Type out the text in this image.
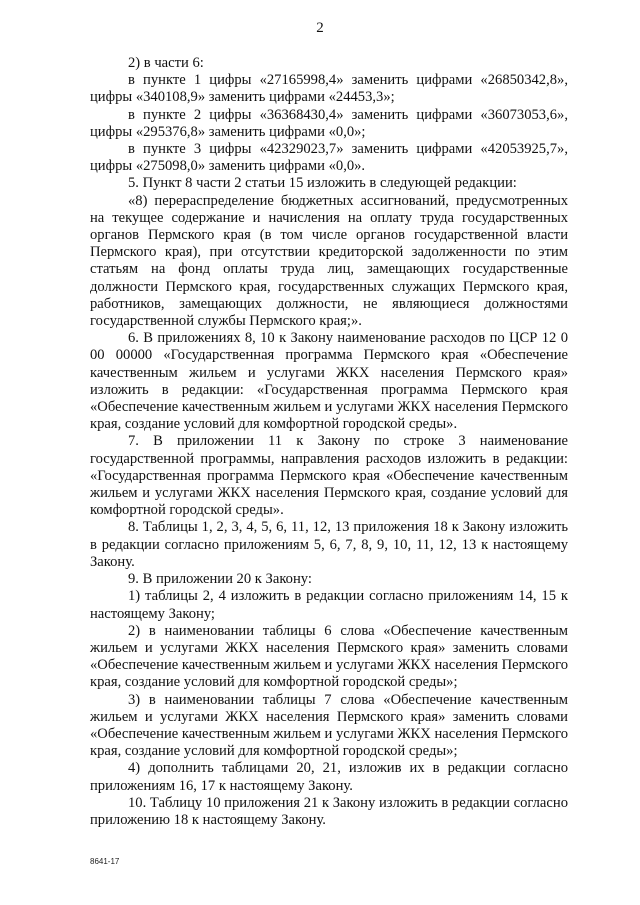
2

2) в части 6:

в пункте 1 цифры «27165998,4» заменить цифрами «26850342,8», цифры «340108,9» заменить цифрами «24453,3»;

в пункте 2 цифры «36368430,4» заменить цифрами «36073053,6», цифры «295376,8» заменить цифрами «0,0»;

в пункте 3 цифры «42329023,7» заменить цифрами «42053925,7», цифры «275098,0» заменить цифрами «0,0».

5. Пункт 8 части 2 статьи 15 изложить в следующей редакции:

«8) перераспределение бюджетных ассигнований, предусмотренных на текущее содержание и начисления на оплату труда государственных органов Пермского края (в том числе органов государственной власти Пермского края), при отсутствии кредиторской задолженности по этим статьям на фонд оплаты труда лиц, замещающих государственные должности Пермского края, государственных служащих Пермского края, работников, замещающих должности, не являющиеся должностями государственной службы Пермского края;».

6. В приложениях 8, 10 к Закону наименование расходов по ЦСР 12 0 00 00000 «Государственная программа Пермского края «Обеспечение качественным жильем и услугами ЖКХ населения Пермского края» изложить в редакции: «Государственная программа Пермского края «Обеспечение качественным жильем и услугами ЖКХ населения Пермского края, создание условий для комфортной городской среды».

7. В приложении 11 к Закону по строке 3 наименование государственной программы, направления расходов изложить в редакции: «Государственная программа Пермского края «Обеспечение качественным жильем и услугами ЖКХ населения Пермского края, создание условий для комфортной городской среды».

8. Таблицы 1, 2, 3, 4, 5, 6, 11, 12, 13 приложения 18 к Закону изложить в редакции согласно приложениям 5, 6, 7, 8, 9, 10, 11, 12, 13 к настоящему Закону.

9. В приложении 20 к Закону:

1) таблицы 2, 4 изложить в редакции согласно приложениям 14, 15 к настоящему Закону;

2) в наименовании таблицы 6 слова «Обеспечение качественным жильем и услугами ЖКХ населения Пермского края» заменить словами «Обеспечение качественным жильем и услугами ЖКХ населения Пермского края, создание условий для комфортной городской среды»;

3) в наименовании таблицы 7 слова «Обеспечение качественным жильем и услугами ЖКХ населения Пермского края» заменить словами «Обеспечение качественным жильем и услугами ЖКХ населения Пермского края, создание условий для комфортной городской среды»;

4) дополнить таблицами 20, 21, изложив их в редакции согласно приложениям 16, 17 к настоящему Закону.

10. Таблицу 10 приложения 21 к Закону изложить в редакции согласно приложению 18 к настоящему Закону.

8641-17
